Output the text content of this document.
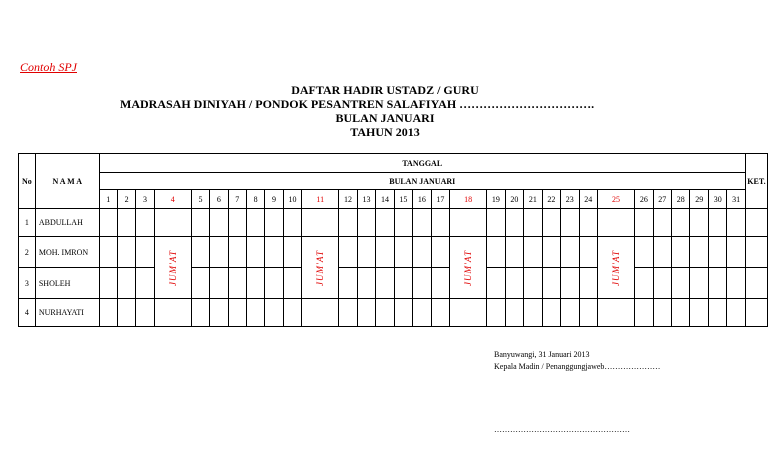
Contoh SPJ
DAFTAR HADIR USTADZ / GURU
MADRASAH DINIYAH / PONDOK PESANTREN SALAFIYAH …………………………….
BULAN JANUARI
TAHUN 2013
No	N A M A	TANGGAL																															KET.
		BULAN JANUARI																															
		1	2	3	4	5	6	7	8	9	10	11	12	13	14	15	16	17	18	19	20	21	22	23	24	25	26	27	28	29	30	31	
1	ABDULLAH																																
2	MOH. IMRON				JUM'AT							JUM'AT							JUM'AT							JUM'AT							
3	SHOLEH																																
4	NURHAYATI																																
Banyuwangi, 31 Januari 2013
Kepala Madin / Penanggungjaweb…………………
……………………………………………
